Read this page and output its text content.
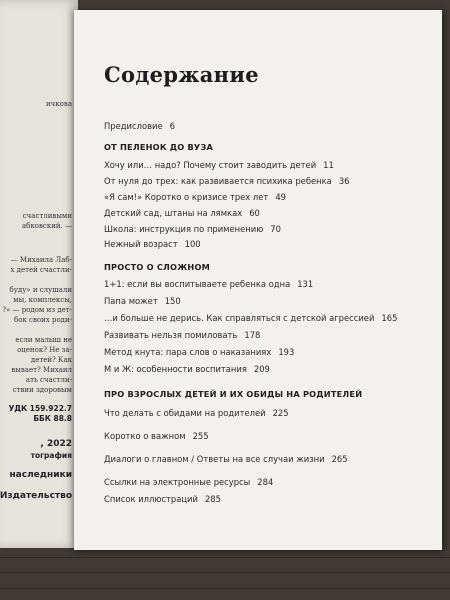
ичкова
счастливыми
абковский. —
— Михаила Лаб-
х детей счастли-
буду» и слушали
мы, комплексы,
?» — родом из дет-
бок своих роди-
если малыш не
оценок? Не за-
детей? Как
вывает? Михаил
ать счастли-
ствии здоровым
УДК 159.922.7
ББК 88.8
, 2022
тография
наследники
Издательство
Содержание
Предисловие 6
ОТ ПЕЛЕНОК ДО ВУЗА
Хочу или… надо? Почему стоит заводить детей 11
От нуля до трех: как развивается психика ребенка 36
«Я сам!» Коротко о кризисе трех лет 49
Детский сад, штаны на лямках 60
Школа: инструкция по применению 70
Нежный возраст 100
ПРОСТО О СЛОЖНОМ
1+1: если вы воспитываете ребенка одна 131
Папа может 150
…и больше не дерись. Как справляться с детской агрессией 165
Развивать нельзя помиловать 178
Метод кнута: пара слов о наказаниях 193
М и Ж: особенности воспитания 209
ПРО ВЗРОСЛЫХ ДЕТЕЙ И ИХ ОБИДЫ НА РОДИТЕЛЕЙ
Что делать с обидами на родителей 225
Коротко о важном 255
Диалоги о главном / Ответы на все случаи жизни 265
Ссылки на электронные ресурсы 284
Список иллюстраций 285
